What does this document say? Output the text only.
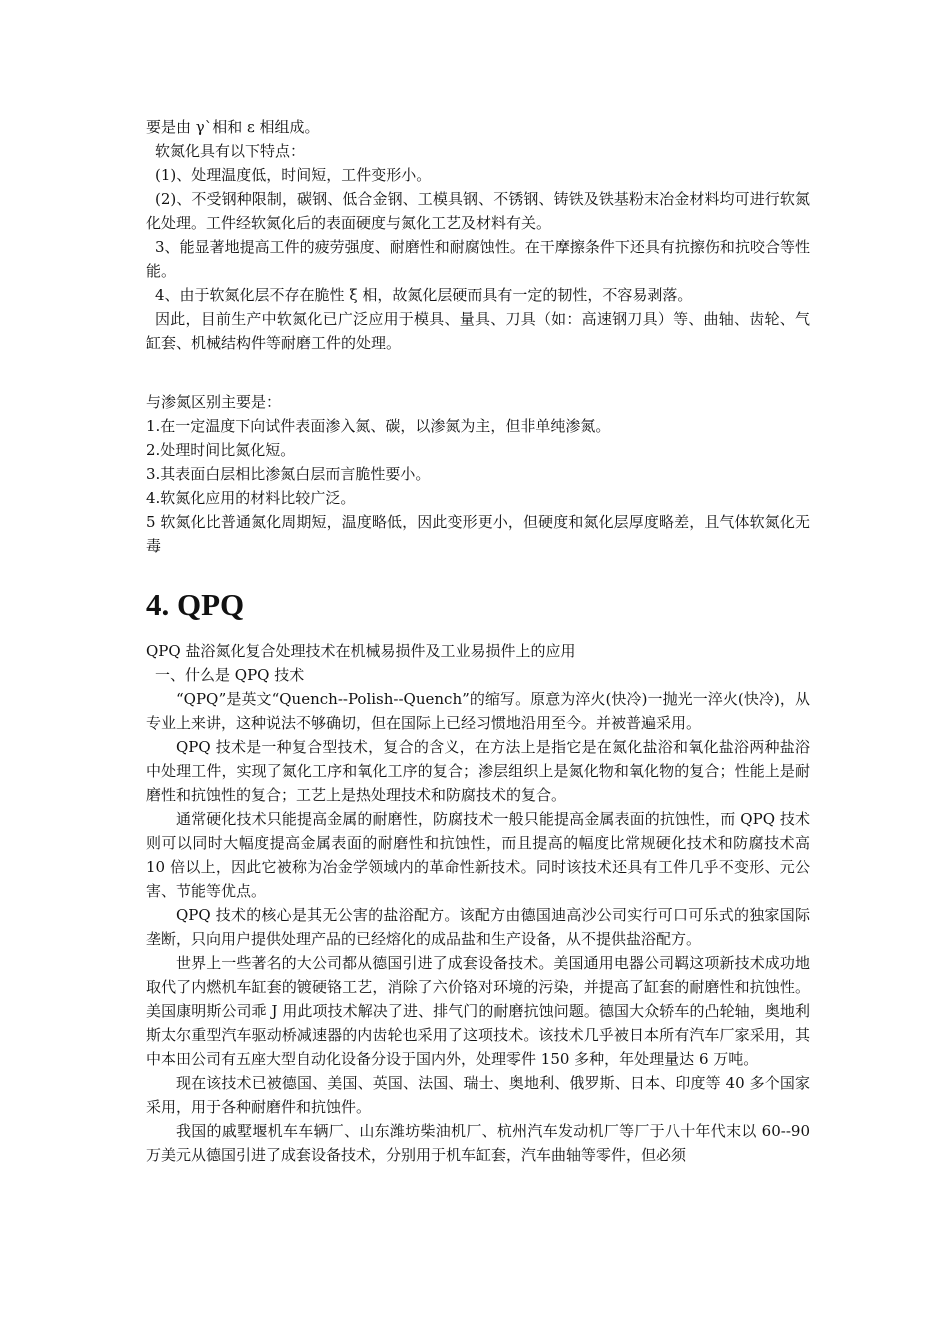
要是由 γ`相和 ε 相组成。

软氮化具有以下特点：

(1)、处理温度低，时间短，工件变形小。

(2)、不受钢种限制，碳钢、低合金钢、工模具钢、不锈钢、铸铁及铁基粉末冶金材料均可进行软氮化处理。工件经软氮化后的表面硬度与氮化工艺及材料有关。

3、能显著地提高工件的疲劳强度、耐磨性和耐腐蚀性。在干摩擦条件下还具有抗擦伤和抗咬合等性能。

4、由于软氮化层不存在脆性 ξ 相，故氮化层硬而具有一定的韧性，不容易剥落。

因此，目前生产中软氮化已广泛应用于模具、量具、刀具（如：高速钢刀具）等、曲轴、齿轮、气缸套、机械结构件等耐磨工件的处理。

与渗氮区别主要是：

1.在一定温度下向试件表面渗入氮、碳，以渗氮为主，但非单纯渗氮。

2.处理时间比氮化短。

3.其表面白层相比渗氮白层而言脆性要小。

4.软氮化应用的材料比较广泛。

5 软氮化比普通氮化周期短，温度略低，因此变形更小，但硬度和氮化层厚度略差，且气体软氮化无毒

4. QPQ

QPQ 盐浴氮化复合处理技术在机械易损件及工业易损件上的应用

一、什么是 QPQ 技术

“QPQ”是英文“Quench--Polish--Quench”的缩写。原意为淬火(快冷)一抛光一淬火(快冷)，从专业上来讲，这种说法不够确切，但在国际上已经习惯地沿用至今。并被普遍采用。

QPQ 技术是一种复合型技术，复合的含义，在方法上是指它是在氮化盐浴和氧化盐浴两种盐浴中处理工件，实现了氮化工序和氧化工序的复合；渗层组织上是氮化物和氧化物的复合；性能上是耐磨性和抗蚀性的复合；工艺上是热处理技术和防腐技术的复合。

通常硬化技术只能提高金属的耐磨性，防腐技术一般只能提高金属表面的抗蚀性，而 QPQ 技术则可以同时大幅度提高金属表面的耐磨性和抗蚀性，而且提高的幅度比常规硬化技术和防腐技术高 10 倍以上，因此它被称为冶金学领域内的革命性新技术。同时该技术还具有工件几乎不变形、元公害、节能等优点。

QPQ 技术的核心是其无公害的盐浴配方。该配方由德国迪高沙公司实行可口可乐式的独家国际垄断，只向用户提供处理产品的已经熔化的成品盐和生产设备，从不提供盐浴配方。

世界上一些著名的大公司都从德国引进了成套设备技术。美国通用电器公司羁这项新技术成功地取代了内燃机车缸套的镀硬铬工艺，消除了六价铬对环境的污染，并提高了缸套的耐磨性和抗蚀性。美国康明斯公司乖 J 用此项技术解决了进、排气门的耐磨抗蚀问题。德国大众轿车的凸轮轴，奥地利斯太尔重型汽车驱动桥减速器的内齿轮也采用了这项技术。该技术几乎被日本所有汽车厂家采用，其中本田公司有五座大型自动化设备分设于国内外，处理零件 150 多种，年处理量达 6 万吨。

现在该技术已被德国、美国、英国、法国、瑞士、奥地利、俄罗斯、日本、印度等 40 多个国家采用，用于各种耐磨件和抗蚀件。

我国的戚墅堰机车车辆厂、山东潍坊柴油机厂、杭州汽车发动机厂等厂于八十年代末以 60--90 万美元从德国引进了成套设备技术，分别用于机车缸套，汽车曲轴等零件，但必须
